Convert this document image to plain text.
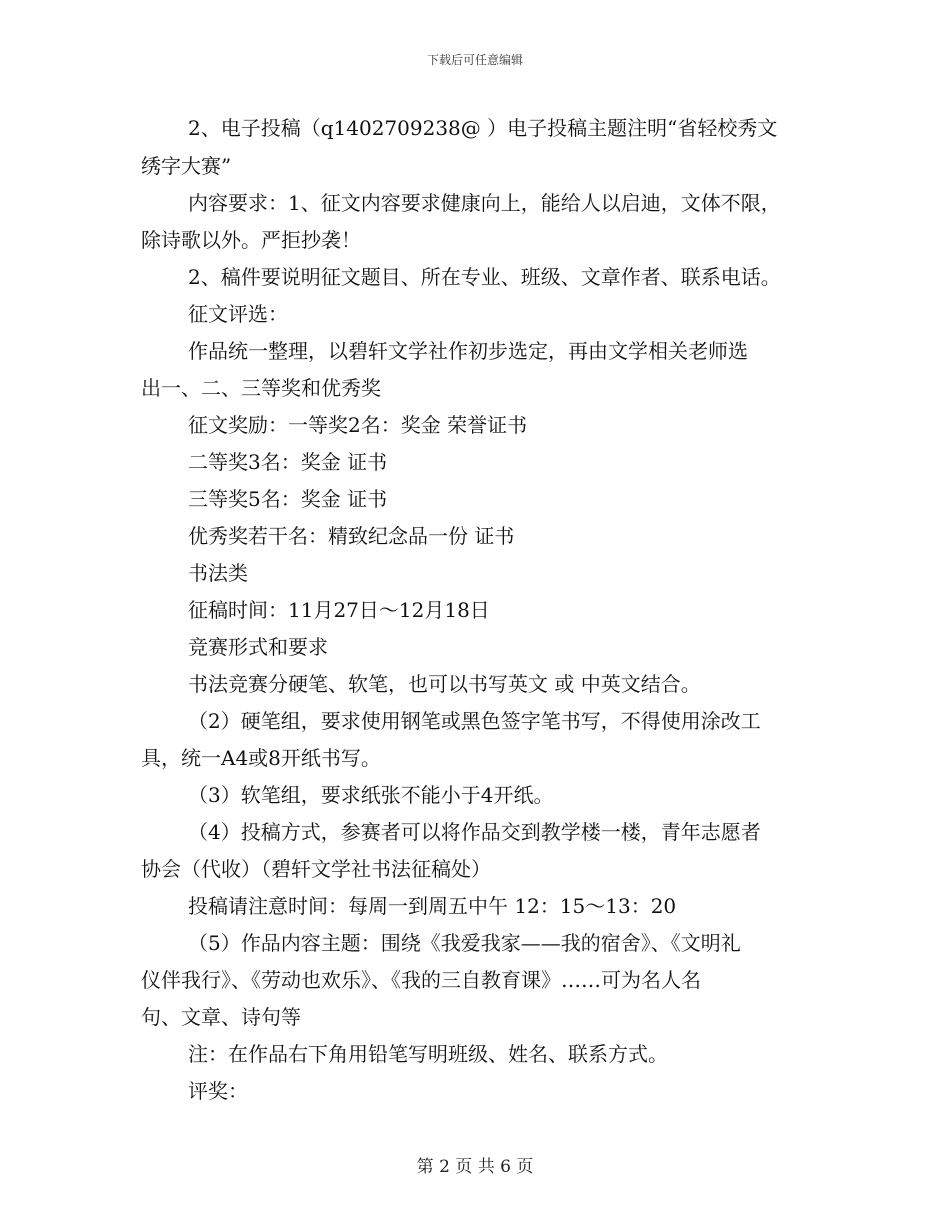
下载后可任意编辑
2、电子投稿（q1402709238@ ）电子投稿主题注明“省轻校秀文
绣字大赛”
内容要求：1、征文内容要求健康向上，能给人以启迪，文体不限，
除诗歌以外。严拒抄袭！
2、稿件要说明征文题目、所在专业、班级、文章作者、联系电话。
征文评选：
作品统一整理，以碧轩文学社作初步选定，再由文学相关老师选
出一、二、三等奖和优秀奖
征文奖励：一等奖2名：奖金 荣誉证书
二等奖3名：奖金 证书
三等奖5名：奖金 证书
优秀奖若干名：精致纪念品一份 证书
书法类
征稿时间：11月27日～12月18日
竞赛形式和要求
书法竞赛分硬笔、软笔，也可以书写英文 或 中英文结合。
（2）硬笔组，要求使用钢笔或黑色签字笔书写，不得使用涂改工
具，统一A4或8开纸书写。
（3）软笔组，要求纸张不能小于4开纸。
（4）投稿方式，参赛者可以将作品交到教学楼一楼，青年志愿者
协会（代收）（碧轩文学社书法征稿处）
投稿请注意时间：每周一到周五中午 12：15～13：20
（5）作品内容主题：围绕《我爱我家——我的宿舍》、《文明礼
仪伴我行》、《劳动也欢乐》、《我的三自教育课》……可为名人名
句、文章、诗句等
注：在作品右下角用铅笔写明班级、姓名、联系方式。
评奖：
第 2 页 共 6 页
